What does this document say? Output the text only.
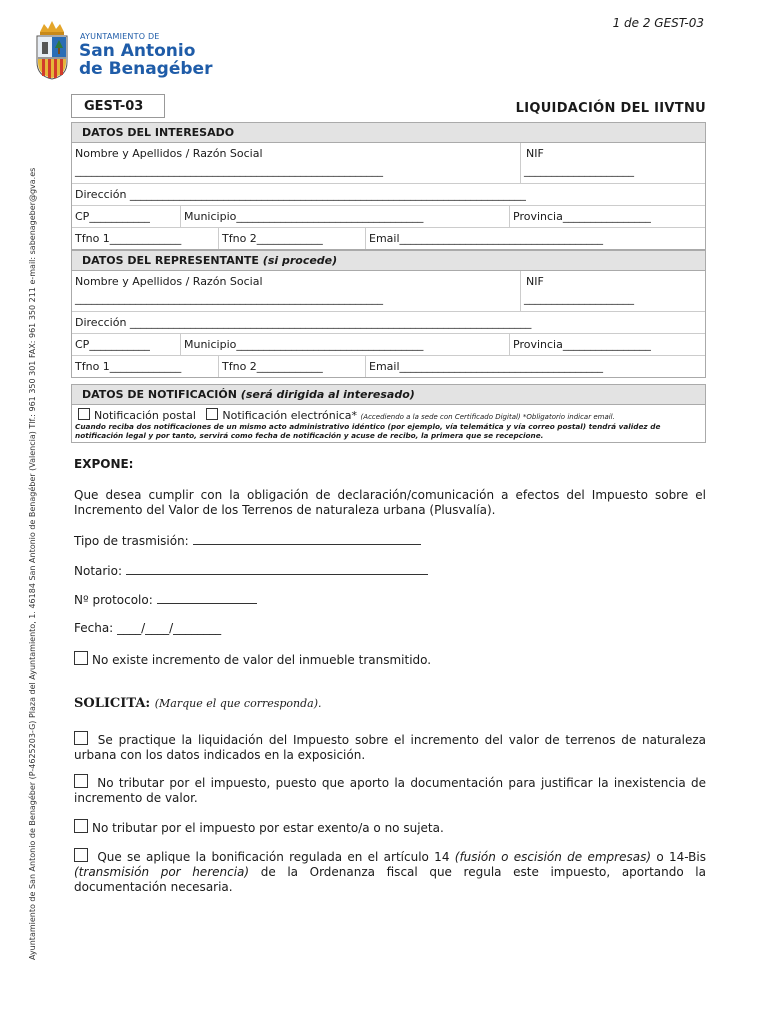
1 de 2 GEST-03
AYUNTAMIENTO DE
San Antonio
de Benagéber
Ayuntamiento de San Antonio de Benagéber (P-4625203-G) Plaza del Ayuntamiento, 1. 46184 San Antonio de Benagéber (Valencia) Tlf.: 961 350 301 FAX: 961 350 211 e-mail: sabenageber@gva.es
GEST-03	LIQUIDACIÓN DEL IIVTNU
DATOS DEL INTERESADO
Nombre y Apellidos / Razón Social	NIF
________________________________________________________	____________________
Dirección ________________________________________________________________________
CP___________	Municipio__________________________________	Provincia________________
Tfno 1_____________	Tfno 2____________	Email_____________________________________
DATOS DEL REPRESENTANTE (si procede)
Nombre y Apellidos / Razón Social	NIF
________________________________________________________	____________________
Dirección _________________________________________________________________________
CP___________	Municipio__________________________________	Provincia________________
Tfno 1_____________	Tfno 2____________	Email_____________________________________
DATOS DE NOTIFICACIÓN (será dirigida al interesado)
Notificación postal Notificación electrónica* (Accediendo a la sede con Certificado Digital) *Obligatorio indicar email.
Cuando reciba dos notificaciones de un mismo acto administrativo idéntico (por ejemplo, vía telemática y vía correo postal) tendrá validez de notificación legal y por tanto, servirá como fecha de notificación y acuse de recibo, la primera que se recepcione.
EXPONE:
Que desea cumplir con la obligación de declaración/comunicación a efectos del Impuesto sobre el Incremento del Valor de los Terrenos de naturaleza urbana (Plusvalía).
Tipo de trasmisión:
Notario:
Nº protocolo:
Fecha: ____/____/________
No existe incremento de valor del inmueble transmitido.
SOLICITA: (Marque el que corresponda).
Se practique la liquidación del Impuesto sobre el incremento del valor de terrenos de naturaleza urbana con los datos indicados en la exposición.
No tributar por el impuesto, puesto que aporto la documentación para justificar la inexistencia de incremento de valor.
No tributar por el impuesto por estar exento/a o no sujeta.
Que se aplique la bonificación regulada en el artículo 14 (fusión o escisión de empresas) o 14-Bis (transmisión por herencia) de la Ordenanza fiscal que regula este impuesto, aportando la documentación necesaria.
